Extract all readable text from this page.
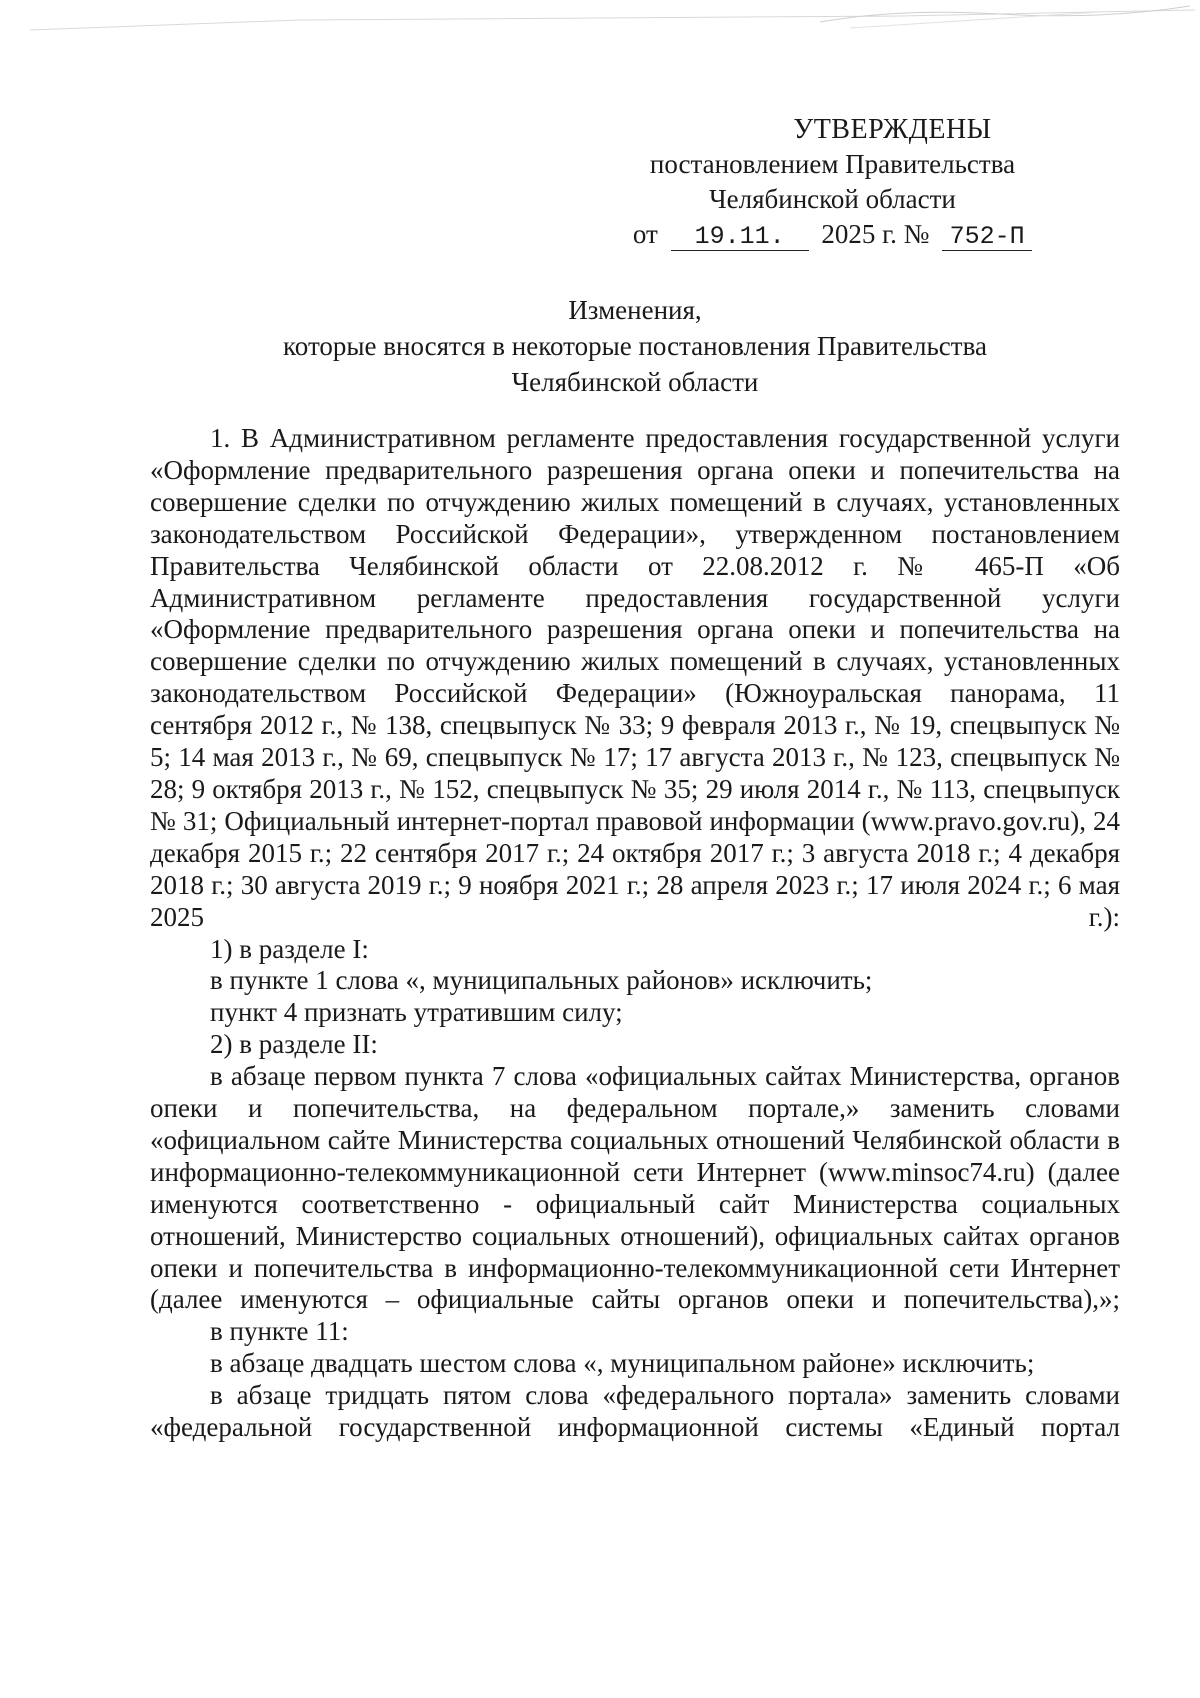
УТВЕРЖДЕНЫ
постановлением Правительства
Челябинской области
от 19.11. 2025 г. № 752-П
Изменения,
которые вносятся в некоторые постановления Правительства
Челябинской области

1. В Административном регламенте предоставления государственной услуги «Оформление предварительного разрешения органа опеки и попечительства на совершение сделки по отчуждению жилых помещений в случаях, установленных законодательством Российской Федерации», утвержденном постановлением Правительства Челябинской области от 22.08.2012 г. № 465-П «Об Административном регламенте предоставления государственной услуги «Оформление предварительного разрешения органа опеки и попечительства на совершение сделки по отчуждению жилых помещений в случаях, установленных законодательством Российской Федерации» (Южноуральская панорама, 11 сентября 2012 г., № 138, спецвыпуск № 33; 9 февраля 2013 г., № 19, спецвыпуск № 5; 14 мая 2013 г., № 69, спецвыпуск № 17; 17 августа 2013 г., № 123, спецвыпуск № 28; 9 октября 2013 г., № 152, спецвыпуск № 35; 29 июля 2014 г., № 113, спецвыпуск № 31; Официальный интернет-портал правовой информации (www.pravo.gov.ru), 24 декабря 2015 г.; 22 сентября 2017 г.; 24 октября 2017 г.; 3 августа 2018 г.; 4 декабря 2018 г.; 30 августа 2019 г.; 9 ноября 2021 г.; 28 апреля 2023 г.; 17 июля 2024 г.; 6 мая 2025 г.):

1) в разделе I:

в пункте 1 слова «, муниципальных районов» исключить;

пункт 4 признать утратившим силу;

2) в разделе II:

в абзаце первом пункта 7 слова «официальных сайтах Министерства, органов опеки и попечительства, на федеральном портале,» заменить словами «официальном сайте Министерства социальных отношений Челябинской области в информационно-телекоммуникационной сети Интернет (www.minsoc74.ru) (далее именуются соответственно - официальный сайт Министерства социальных отношений, Министерство социальных отношений), официальных сайтах органов опеки и попечительства в информационно-телекоммуникационной сети Интернет (далее именуются – официальные сайты органов опеки и попечительства),»;

в пункте 11:

в абзаце двадцать шестом слова «, муниципальном районе» исключить;

в абзаце тридцать пятом слова «федерального портала» заменить словами «федеральной государственной информационной системы «Единый портал
